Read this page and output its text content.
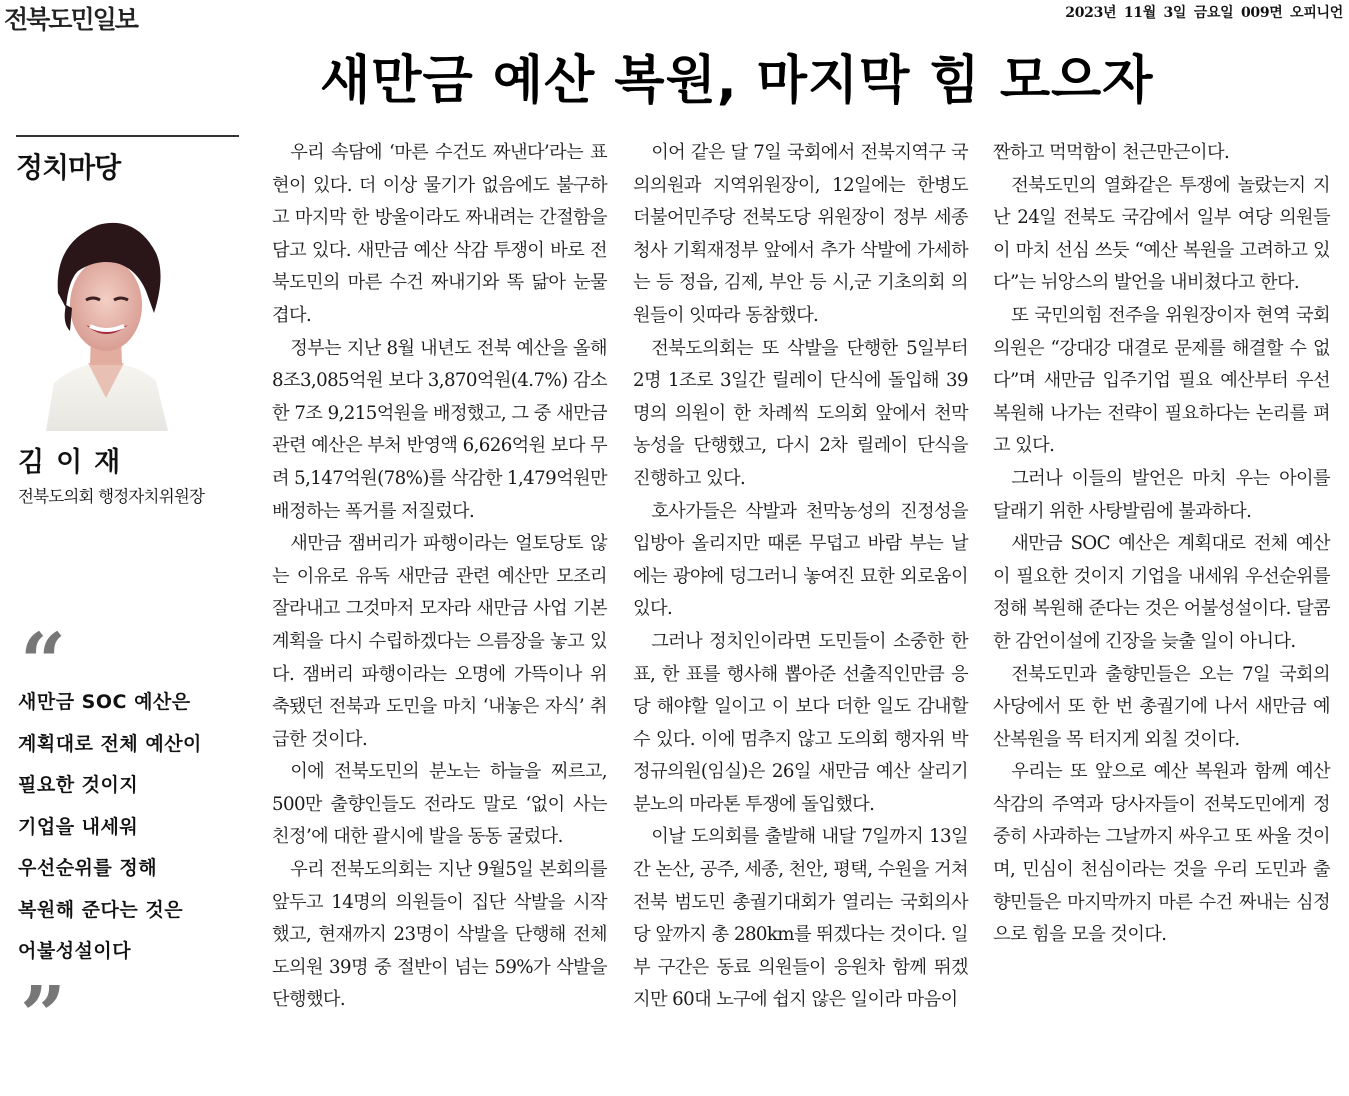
전북도민일보	2023년 11월 3일 금요일 009면 오피니언
새만금 예산 복원, 마지막 힘 모으자
정치마당
김이재
전북도의회 행정자치위원장
“
새만금 SOC 예산은
계획대로 전체 예산이
필요한 것이지
기업을 내세워
우선순위를 정해
복원해 준다는 것은
어불성설이다
”

우리 속담에 ‘마른 수건도 짜낸다’라는 표현이 있다. 더 이상 물기가 없음에도 불구하고 마지막 한 방울이라도 짜내려는 간절함을 담고 있다. 새만금 예산 삭감 투쟁이 바로 전북도민의 마른 수건 짜내기와 똑 닮아 눈물겹다.

정부는 지난 8월 내년도 전북 예산을 올해 8조3,085억원 보다 3,870억원(4.7%) 감소한 7조 9,215억원을 배정했고, 그 중 새만금 관련 예산은 부처 반영액 6,626억원 보다 무려 5,147억원(78%)를 삭감한 1,479억원만 배정하는 폭거를 저질렀다.

새만금 잼버리가 파행이라는 얼토당토 않는 이유로 유독 새만금 관련 예산만 모조리 잘라내고 그것마저 모자라 새만금 사업 기본 계획을 다시 수립하겠다는 으름장을 놓고 있다. 잼버리 파행이라는 오명에 가뜩이나 위축됐던 전북과 도민을 마치 ‘내놓은 자식’ 취급한 것이다.

이에 전북도민의 분노는 하늘을 찌르고, 500만 출향인들도 전라도 말로 ‘없이 사는 친정’에 대한 괄시에 발을 동동 굴렀다.

우리 전북도의회는 지난 9월5일 본회의를 앞두고 14명의 의원들이 집단 삭발을 시작했고, 현재까지 23명이 삭발을 단행해 전체 도의원 39명 중 절반이 넘는 59%가 삭발을 단행했다.

이어 같은 달 7일 국회에서 전북지역구 국의의원과 지역위원장이, 12일에는 한병도 더불어민주당 전북도당 위원장이 정부 세종청사 기획재정부 앞에서 추가 삭발에 가세하는 등 정읍, 김제, 부안 등 시,군 기초의회 의원들이 잇따라 동참했다.

전북도의회는 또 삭발을 단행한 5일부터 2명 1조로 3일간 릴레이 단식에 돌입해 39명의 의원이 한 차례씩 도의회 앞에서 천막농성을 단행했고, 다시 2차 릴레이 단식을 진행하고 있다.

호사가들은 삭발과 천막농성의 진정성을 입방아 올리지만 때론 무덥고 바람 부는 날에는 광야에 덩그러니 놓여진 묘한 외로움이 있다.

그러나 정치인이라면 도민들이 소중한 한 표, 한 표를 행사해 뽑아준 선출직인만큼 응당 해야할 일이고 이 보다 더한 일도 감내할 수 있다. 이에 멈추지 않고 도의회 행자위 박정규의원(임실)은 26일 새만금 예산 살리기 분노의 마라톤 투쟁에 돌입했다.

이날 도의회를 출발해 내달 7일까지 13일간 논산, 공주, 세종, 천안, 평택, 수원을 거쳐 전북 범도민 총궐기대회가 열리는 국회의사당 앞까지 총 280km를 뛰겠다는 것이다. 일부 구간은 동료 의원들이 응원차 함께 뛰겠지만 60대 노구에 쉽지 않은 일이라 마음이

짠하고 먹먹함이 천근만근이다.

전북도민의 열화같은 투쟁에 놀랐는지 지난 24일 전북도 국감에서 일부 여당 의원들이 마치 선심 쓰듯 “예산 복원을 고려하고 있다”는 뉘앙스의 발언을 내비쳤다고 한다.

또 국민의힘 전주을 위원장이자 현역 국회의원은 “강대강 대결로 문제를 해결할 수 없다”며 새만금 입주기업 필요 예산부터 우선 복원해 나가는 전략이 필요하다는 논리를 펴고 있다.

그러나 이들의 발언은 마치 우는 아이를 달래기 위한 사탕발림에 불과하다.

새만금 SOC 예산은 계획대로 전체 예산이 필요한 것이지 기업을 내세워 우선순위를 정해 복원해 준다는 것은 어불성설이다. 달콤한 감언이설에 긴장을 늦출 일이 아니다.

전북도민과 출향민들은 오는 7일 국회의사당에서 또 한 번 총궐기에 나서 새만금 예산복원을 목 터지게 외칠 것이다.

우리는 또 앞으로 예산 복원과 함께 예산 삭감의 주역과 당사자들이 전북도민에게 정중히 사과하는 그날까지 싸우고 또 싸울 것이며, 민심이 천심이라는 것을 우리 도민과 출향민들은 마지막까지 마른 수건 짜내는 심정으로 힘을 모을 것이다.
